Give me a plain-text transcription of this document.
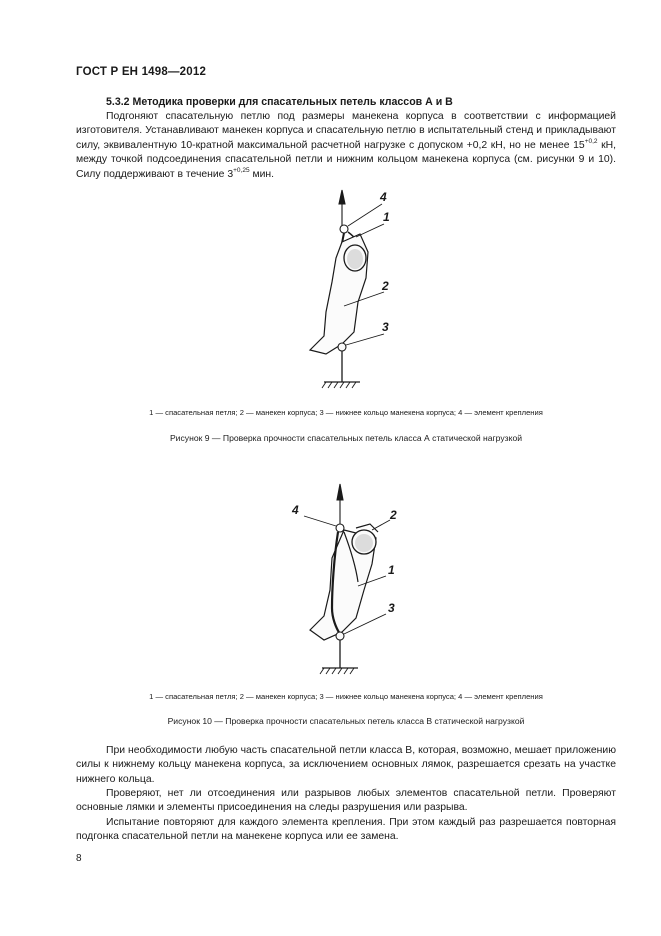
ГОСТ Р ЕН 1498—2012
5.3.2 Методика проверки для спасательных петель классов А и В
Подгоняют спасательную петлю под размеры манекена корпуса в соответствии с информацией изготовителя. Устанавливают манекен корпуса и спасательную петлю в испытательный стенд и прикладывают силу, эквивалентную 10-кратной максимальной расчетной нагрузке с допуском +0,2 кН, но не менее $15^{+0,2}$ кН, между точкой подсоединения спасательной петли и нижним кольцом манекена корпуса (см. рисунки 9 и 10). Силу поддерживают в течение $3^{+0,25}$ мин.
4
1
2
3
1 — спасательная петля; 2 — манекен корпуса; 3 — нижнее кольцо манекена корпуса; 4 — элемент крепления
Рисунок 9 — Проверка прочности спасательных петель класса А статической нагрузкой
4	2
1
3
1 — спасательная петля; 2 — манекен корпуса; 3 — нижнее кольцо манекена корпуса; 4 — элемент крепления
Рисунок 10 — Проверка прочности спасательных петель класса В статической нагрузкой
При необходимости любую часть спасательной петли класса В, которая, возможно, мешает приложению силы к нижнему кольцу манекена корпуса, за исключением основных лямок, разрешается срезать на участке нижнего кольца.
Проверяют, нет ли отсоединения или разрывов любых элементов спасательной петли. Проверяют основные лямки и элементы присоединения на следы разрушения или разрыва.
Испытание повторяют для каждого элемента крепления. При этом каждый раз разрешается повторная подгонка спасательной петли на манекене корпуса или ее замена.
8
